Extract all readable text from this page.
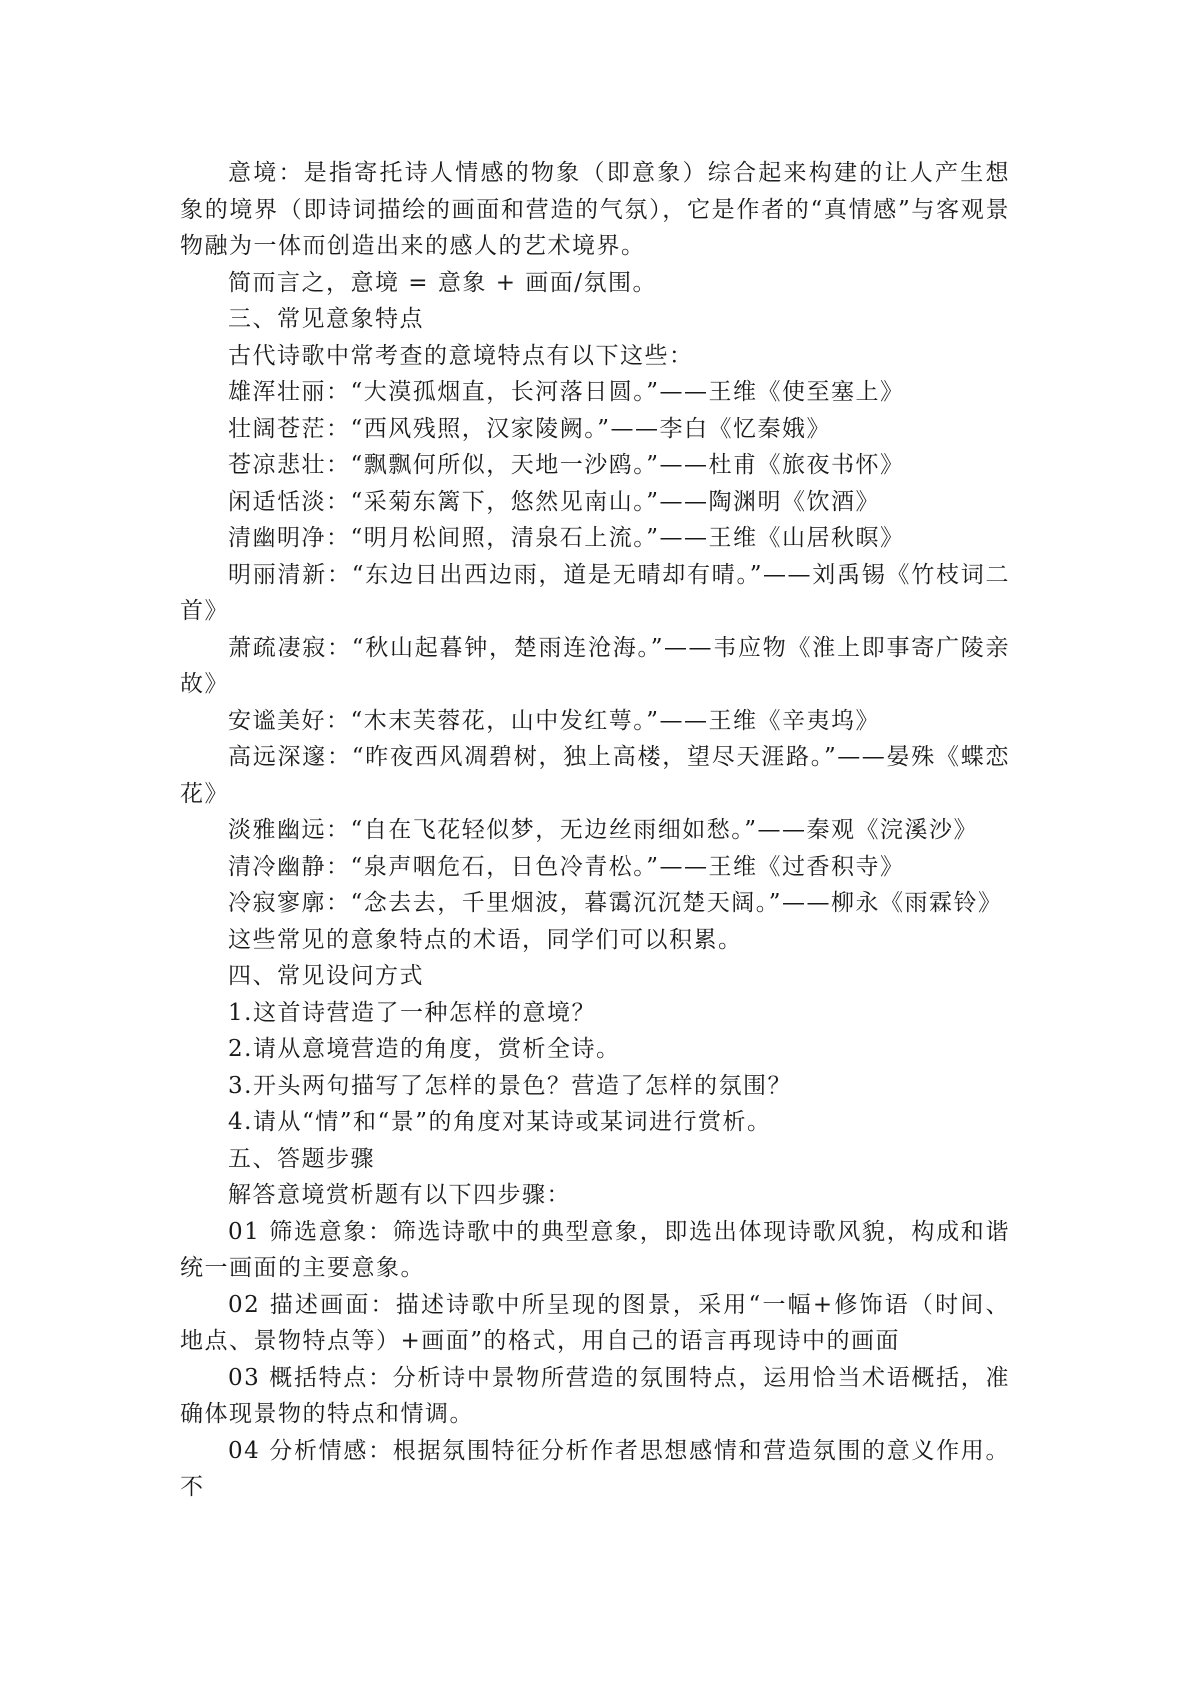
意境：是指寄托诗人情感的物象（即意象）综合起来构建的让人产生想象的境界（即诗词描绘的画面和营造的气氛），它是作者的“真情感”与客观景物融为一体而创造出来的感人的艺术境界。

简而言之，意境 = 意象 + 画面/氛围。

三、常见意象特点

古代诗歌中常考查的意境特点有以下这些：

雄浑壮丽：“大漠孤烟直，长河落日圆。”——王维《使至塞上》

壮阔苍茫：“西风残照，汉家陵阙。”——李白《忆秦娥》

苍凉悲壮：“飘飘何所似，天地一沙鸥。”——杜甫《旅夜书怀》

闲适恬淡：“采菊东篱下，悠然见南山。”——陶渊明《饮酒》

清幽明净：“明月松间照，清泉石上流。”——王维《山居秋暝》

明丽清新：“东边日出西边雨，道是无晴却有晴。”——刘禹锡《竹枝词二首》

萧疏凄寂：“秋山起暮钟，楚雨连沧海。”——韦应物《淮上即事寄广陵亲故》

安谧美好：“木末芙蓉花，山中发红萼。”——王维《辛夷坞》

高远深邃：“昨夜西风凋碧树，独上高楼，望尽天涯路。”——晏殊《蝶恋花》

淡雅幽远：“自在飞花轻似梦，无边丝雨细如愁。”——秦观《浣溪沙》

清冷幽静：“泉声咽危石，日色冷青松。”——王维《过香积寺》

冷寂寥廓：“念去去，千里烟波，暮霭沉沉楚天阔。”——柳永《雨霖铃》

这些常见的意象特点的术语，同学们可以积累。

四、常见设问方式

1.这首诗营造了一种怎样的意境？

2.请从意境营造的角度，赏析全诗。

3.开头两句描写了怎样的景色？营造了怎样的氛围？

4.请从“情”和“景”的角度对某诗或某词进行赏析。

五、答题步骤

解答意境赏析题有以下四步骤：

01 筛选意象：筛选诗歌中的典型意象，即选出体现诗歌风貌，构成和谐统一画面的主要意象。

02 描述画面：描述诗歌中所呈现的图景，采用“一幅+修饰语（时间、地点、景物特点等）+画面”的格式，用自己的语言再现诗中的画面

03 概括特点：分析诗中景物所营造的氛围特点，运用恰当术语概括，准确体现景物的特点和情调。

04 分析情感：根据氛围特征分析作者思想感情和营造氛围的意义作用。不
